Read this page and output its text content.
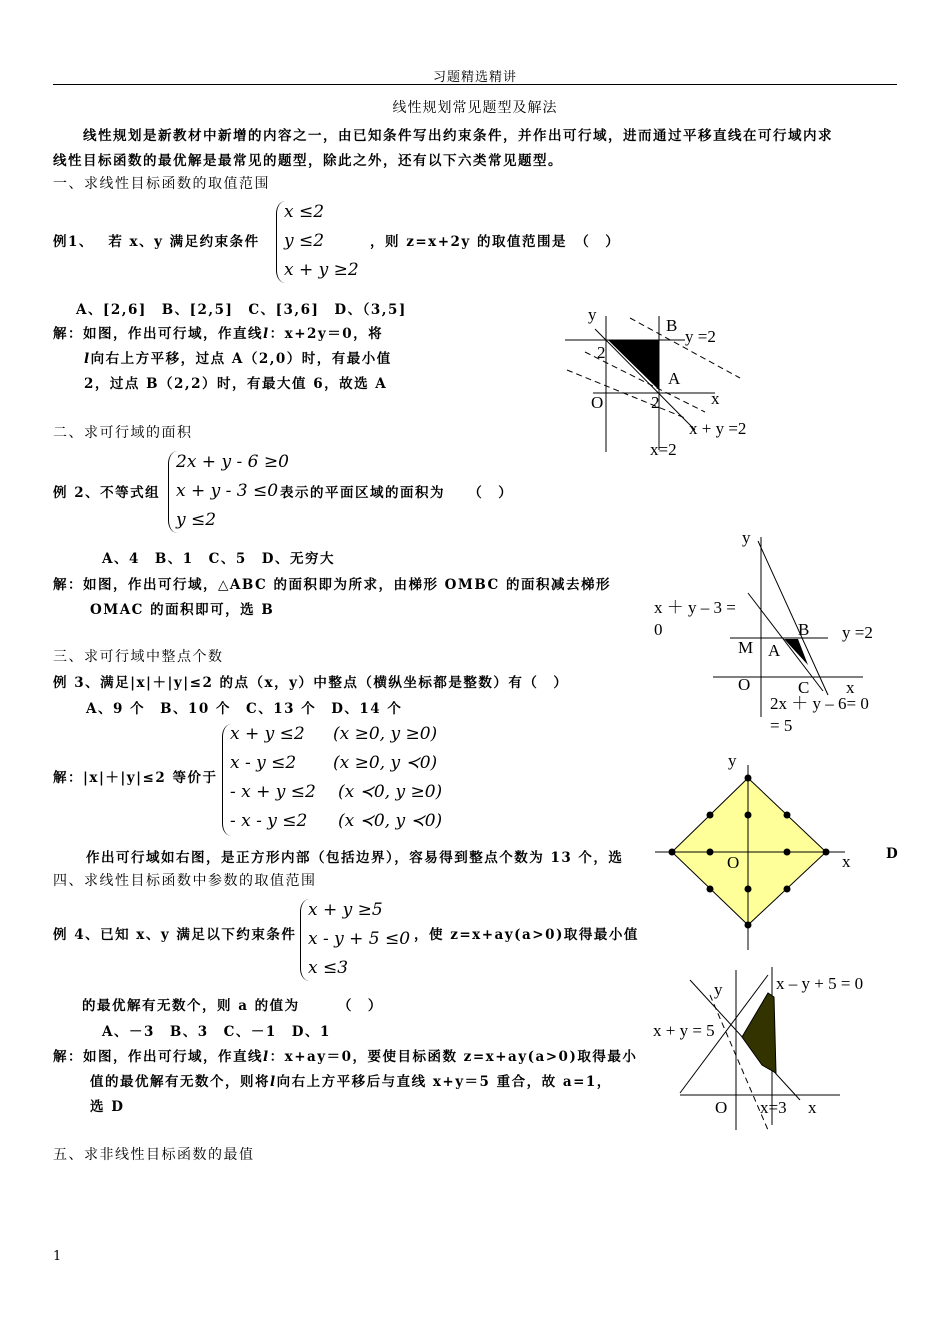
习题精选精讲
线性规划常见题型及解法
　　线性规划是新教材中新增的内容之一，由已知条件写出约束条件，并作出可行域，进而通过平移直线在可行域内求
线性目标函数的最优解是最常见的题型，除此之外，还有以下六类常见题型。
一、求线性目标函数的取值范围
例1、　 若 x、y 满足约束条件
x ≤2
y ≤2
x + y ≥2
，则 z=x+2y 的取值范围是　（　）
A、[2,6]　B、[2,5]　C、[3,6]　D、（3,5]
解：如图，作出可行域，作直线l：x+2y＝0，将
l向右上方平移，过点 A（2,0）时，有最小值
2，过点 B（2,2）时，有最大值 6，故选 A
y
x
O
B
A
2
2
y =2
x + y =2
x=2
二、求可行域的面积
例 2、不等式组
2x + y - 6 ≥0
x + y - 3 ≤0
y ≤2
表示的平面区域的面积为　　（　）
A、4　B、1　C、5　D、无穷大
解：如图，作出可行域，△ABC 的面积即为所求，由梯形 OMBC 的面积减去梯形
OMAC 的面积即可，选 B
y
x
O
M A
B
C
x ＋ y – 3 =
0	y =2
2x ＋ y – 6= 0
= 5
三、求可行域中整点个数
例 3、满足|x|＋|y|≤2 的点（x，y）中整点（横纵坐标都是整数）有（　）
A、9 个　B、10 个　C、13 个　D、14 个
解：|x|＋|y|≤2 等价于
x + y ≤2
x - y ≤2
- x + y ≤2
- x - y ≤2
(x ≥0, y ≥0)
(x ≥0, y ≺0)
(x ≺0, y ≥0)
(x ≺0, y ≺0)
作出可行域如右图，是正方形内部（包括边界），容易得到整点个数为 13 个，选	D
y
x
O
四、求线性目标函数中参数的取值范围
例 4、已知 x、y 满足以下约束条件
x + y ≥5
x - y + 5 ≤0
x ≤3
，使 z=x+ay(a>0)取得最小值
的最优解有无数个，则 a 的值为　　　（　）
A、－3　B、3　C、－1　D、1
解：如图，作出可行域，作直线l：x+ay＝0，要使目标函数 z=x+ay(a>0)取得最小
值的最优解有无数个，则将l向右上方平移后与直线 x+y＝5 重合，故 a=1，
选 D
y
x
O
x – y + 5 = 0
x + y = 5
x=3
五、求非线性目标函数的最值
1
